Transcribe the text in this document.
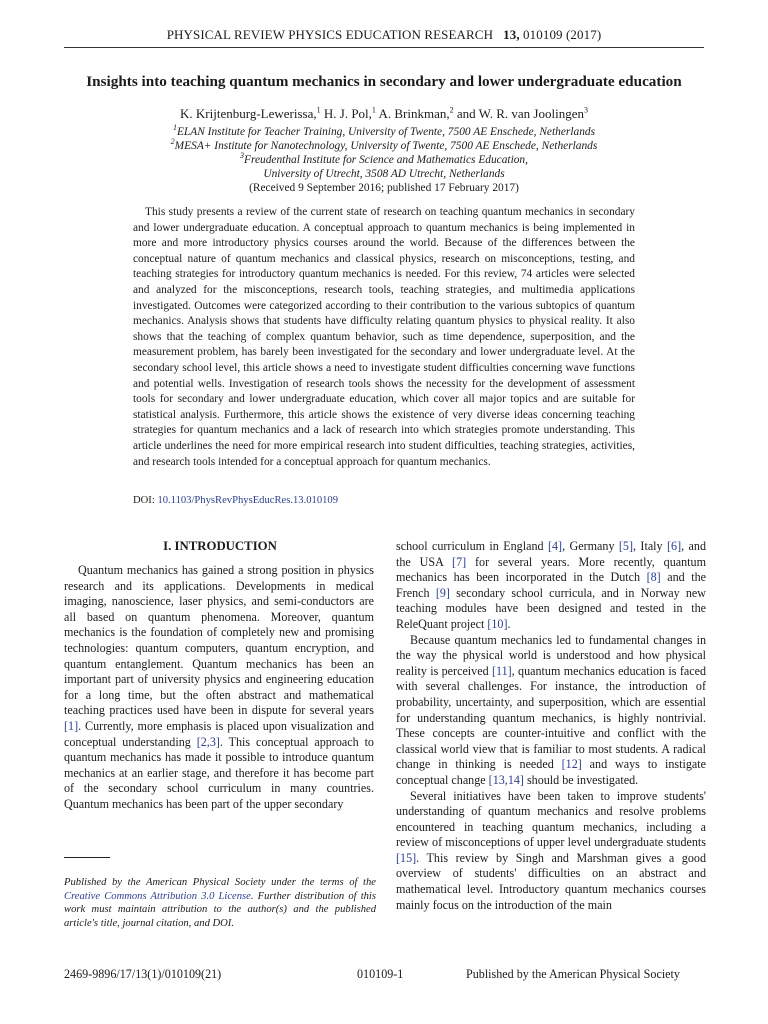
PHYSICAL REVIEW PHYSICS EDUCATION RESEARCH 13, 010109 (2017)
Insights into teaching quantum mechanics in secondary and lower undergraduate education
K. Krijtenburg-Lewerissa,$^1$ H. J. Pol,$^1$ A. Brinkman,$^2$ and W. R. van Joolingen$^3$
$^1$ELAN Institute for Teacher Training, University of Twente, 7500 AE Enschede, Netherlands
$^2$MESA+ Institute for Nanotechnology, University of Twente, 7500 AE Enschede, Netherlands
$^3$Freudenthal Institute for Science and Mathematics Education,
University of Utrecht, 3508 AD Utrecht, Netherlands
(Received 9 September 2016; published 17 February 2017)

This study presents a review of the current state of research on teaching quantum mechanics in secondary and lower undergraduate education. A conceptual approach to quantum mechanics is being implemented in more and more introductory physics courses around the world. Because of the differences between the conceptual nature of quantum mechanics and classical physics, research on misconceptions, testing, and teaching strategies for introductory quantum mechanics is needed. For this review, 74 articles were selected and analyzed for the misconceptions, research tools, teaching strategies, and multimedia applications investigated. Outcomes were categorized according to their contribution to the various subtopics of quantum mechanics. Analysis shows that students have difficulty relating quantum physics to physical reality. It also shows that the teaching of complex quantum behavior, such as time dependence, superposition, and the measurement problem, has barely been investigated for the secondary and lower undergraduate level. At the secondary school level, this article shows a need to investigate student difficulties concerning wave functions and potential wells. Investigation of research tools shows the necessity for the development of assessment tools for secondary and lower undergraduate education, which cover all major topics and are suitable for statistical analysis. Furthermore, this article shows the existence of very diverse ideas concerning teaching strategies for quantum mechanics and a lack of research into which strategies promote understanding. This article underlines the need for more empirical research into student difficulties, teaching strategies, activities, and research tools intended for a conceptual approach for quantum mechanics.

DOI: 10.1103/PhysRevPhysEducRes.13.010109
I. INTRODUCTION

Quantum mechanics has gained a strong position in physics research and its applications. Developments in medical imaging, nanoscience, laser physics, and semi-conductors are all based on quantum phenomena. Moreover, quantum mechanics is the foundation of completely new and promising technologies: quantum computers, quantum encryption, and quantum entanglement. Quantum mechanics has been an important part of university physics and engineering education for a long time, but the often abstract and mathematical teaching practices used have been in dispute for several years [1]. Currently, more emphasis is placed upon visualization and conceptual understanding [2,3]. This conceptual approach to quantum mechanics has made it possible to introduce quantum mechanics at an earlier stage, and therefore it has become part of the secondary school curriculum in many countries. Quantum mechanics has been part of the upper secondary

school curriculum in England [4], Germany [5], Italy [6], and the USA [7] for several years. More recently, quantum mechanics has been incorporated in the Dutch [8] and the French [9] secondary school curricula, and in Norway new teaching modules have been designed and tested in the ReleQuant project [10].

Because quantum mechanics led to fundamental changes in the way the physical world is understood and how physical reality is perceived [11], quantum mechanics education is faced with several challenges. For instance, the introduction of probability, uncertainty, and superposition, which are essential for understanding quantum mechanics, is highly nontrivial. These concepts are counter-intuitive and conflict with the classical world view that is familiar to most students. A radical change in thinking is needed [12] and ways to instigate conceptual change [13,14] should be investigated.

Several initiatives have been taken to improve students' understanding of quantum mechanics and resolve problems encountered in teaching quantum mechanics, including a review of misconceptions of upper level undergraduate students [15]. This review by Singh and Marshman gives a good overview of students' difficulties on an abstract and mathematical level. Introductory quantum mechanics courses mainly focus on the introduction of the main

Published by the American Physical Society under the terms of the Creative Commons Attribution 3.0 License. Further distribution of this work must maintain attribution to the author(s) and the published article's title, journal citation, and DOI.

2469-9896/17/13(1)/010109(21)	010109-1	Published by the American Physical Society
